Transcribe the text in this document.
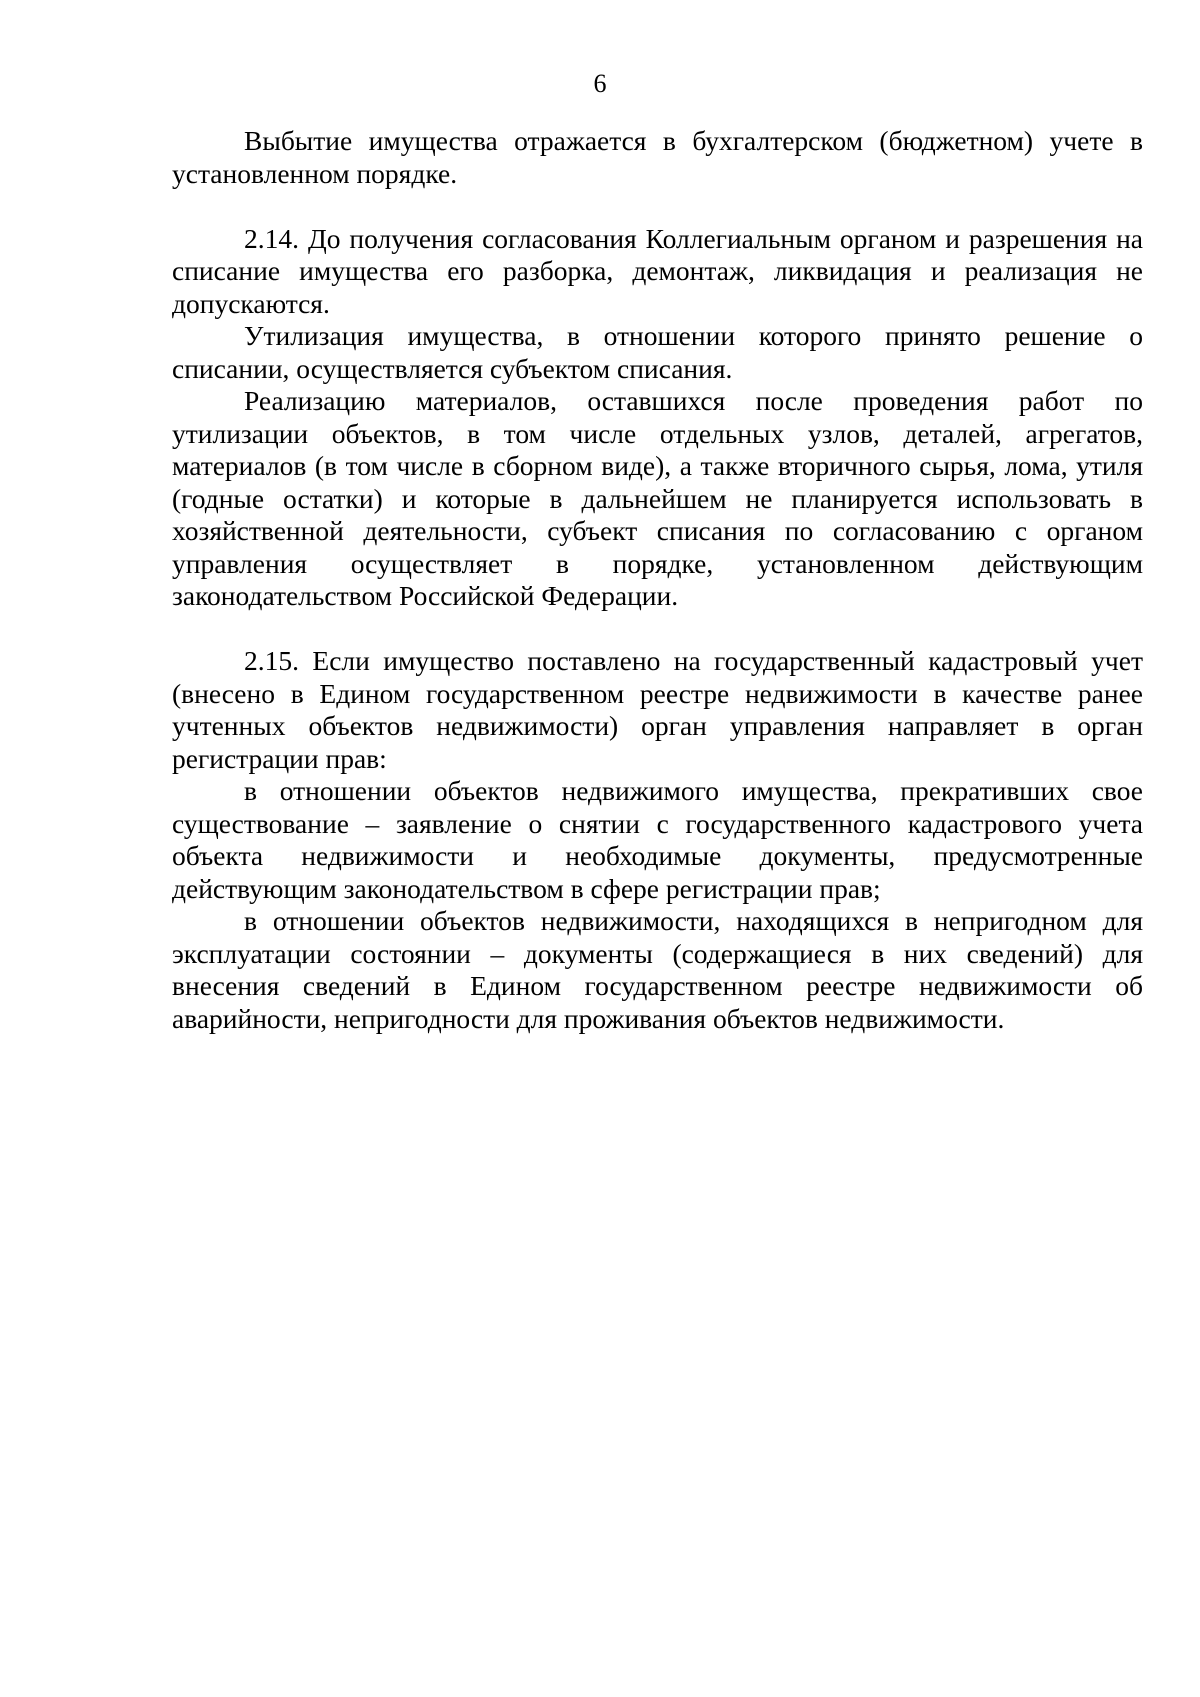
6

Выбытие имущества отражается в бухгалтерском (бюджетном) учете в установленном порядке.

2.14. До получения согласования Коллегиальным органом и разрешения на списание имущества его разборка, демонтаж, ликвидация и реализация не допускаются.

Утилизация имущества, в отношении которого принято решение о списании, осуществляется субъектом списания.

Реализацию материалов, оставшихся после проведения работ по утилизации объектов, в том числе отдельных узлов, деталей, агрегатов, материалов (в том числе в сборном виде), а также вторичного сырья, лома, утиля (годные остатки) и которые в дальнейшем не планируется использовать в хозяйственной деятельности, субъект списания по согласованию с органом управления осуществляет в порядке, установленном действующим законодательством Российской Федерации.

2.15. Если имущество поставлено на государственный кадастровый учет (внесено в Едином государственном реестре недвижимости в качестве ранее учтенных объектов недвижимости) орган управления направляет в орган регистрации прав:

в отношении объектов недвижимого имущества, прекративших свое существование – заявление о снятии с государственного кадастрового учета объекта недвижимости и необходимые документы, предусмотренные действующим законодательством в сфере регистрации прав;

в отношении объектов недвижимости, находящихся в непригодном для эксплуатации состоянии – документы (содержащиеся в них сведений) для внесения сведений в Едином государственном реестре недвижимости об аварийности, непригодности для проживания объектов недвижимости.
